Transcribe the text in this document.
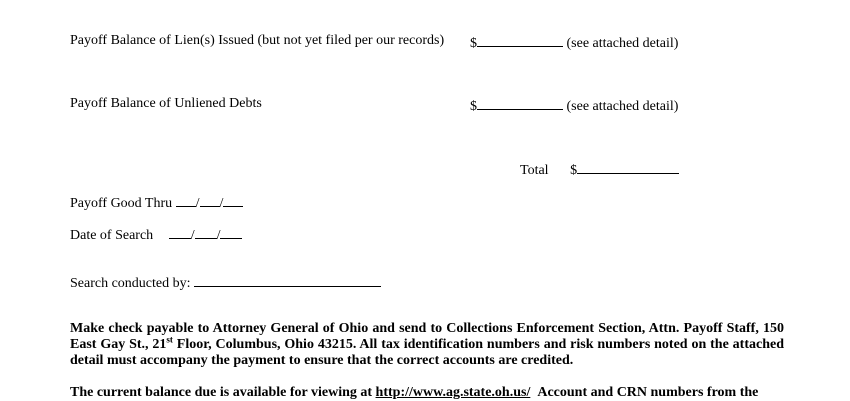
Payoff Balance of Lien(s) Issued (but not yet filed per our records) $	(see attached detail)
Payoff Balance of Unliened Debts	$	(see attached detail)
Total $
Payoff Good Thru / /
Date of Search	/ /
Search conducted by:
Make check payable to Attorney General of Ohio and send to Collections Enforcement Section, Attn. Payoff Staff, 150 East Gay St., 21st Floor, Columbus, Ohio 43215. All tax identification numbers and risk numbers noted on the attached detail must accompany the payment to ensure that the correct accounts are credited.
The current balance due is available for viewing at http://www.ag.state.oh.us/ Account and CRN numbers from the
